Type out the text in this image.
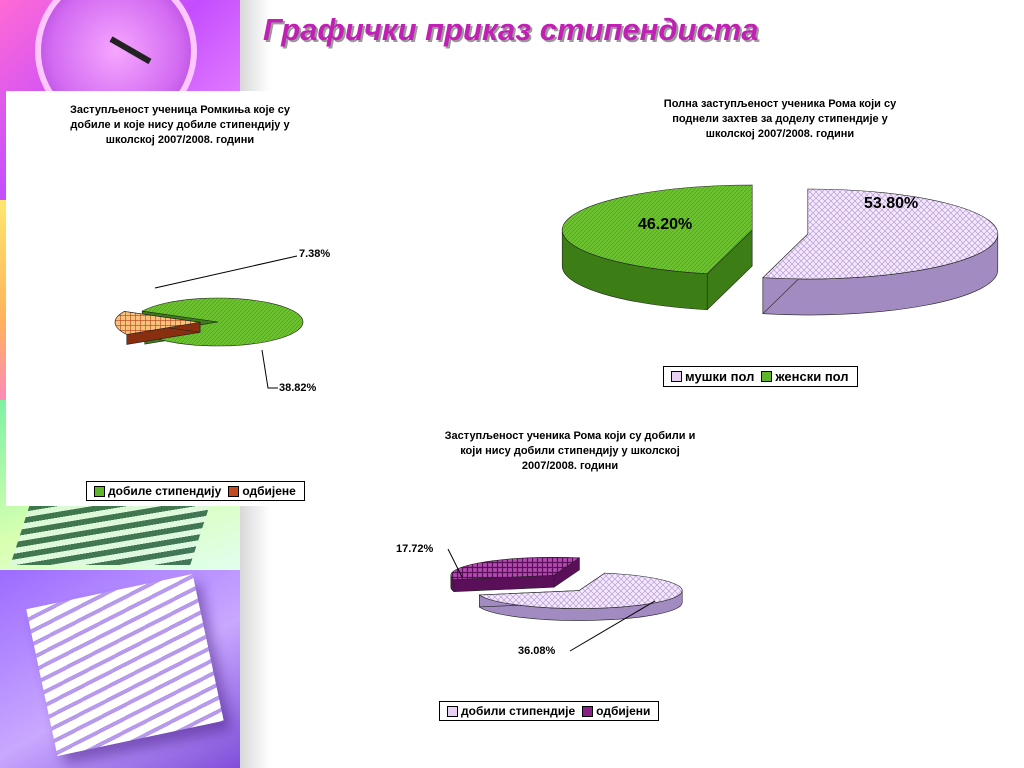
Графички приказ стипендиста
Заступљеност ученица Ромкиња које су
добиле и које нису добиле стипендију у
школској 2007/2008. години
7.38%
38.82%
добиле стипендију одбијене
Полна заступљеност ученика Рома који су
поднели захтев за доделу стипендије у
школској 2007/2008. години
53.80%
46.20%
мушки пол женски пол
Заступљеност ученика Рома који су добили и
који нису добили стипендију у школској
2007/2008. години
17.72%
36.08%
добили стипендије одбијени
